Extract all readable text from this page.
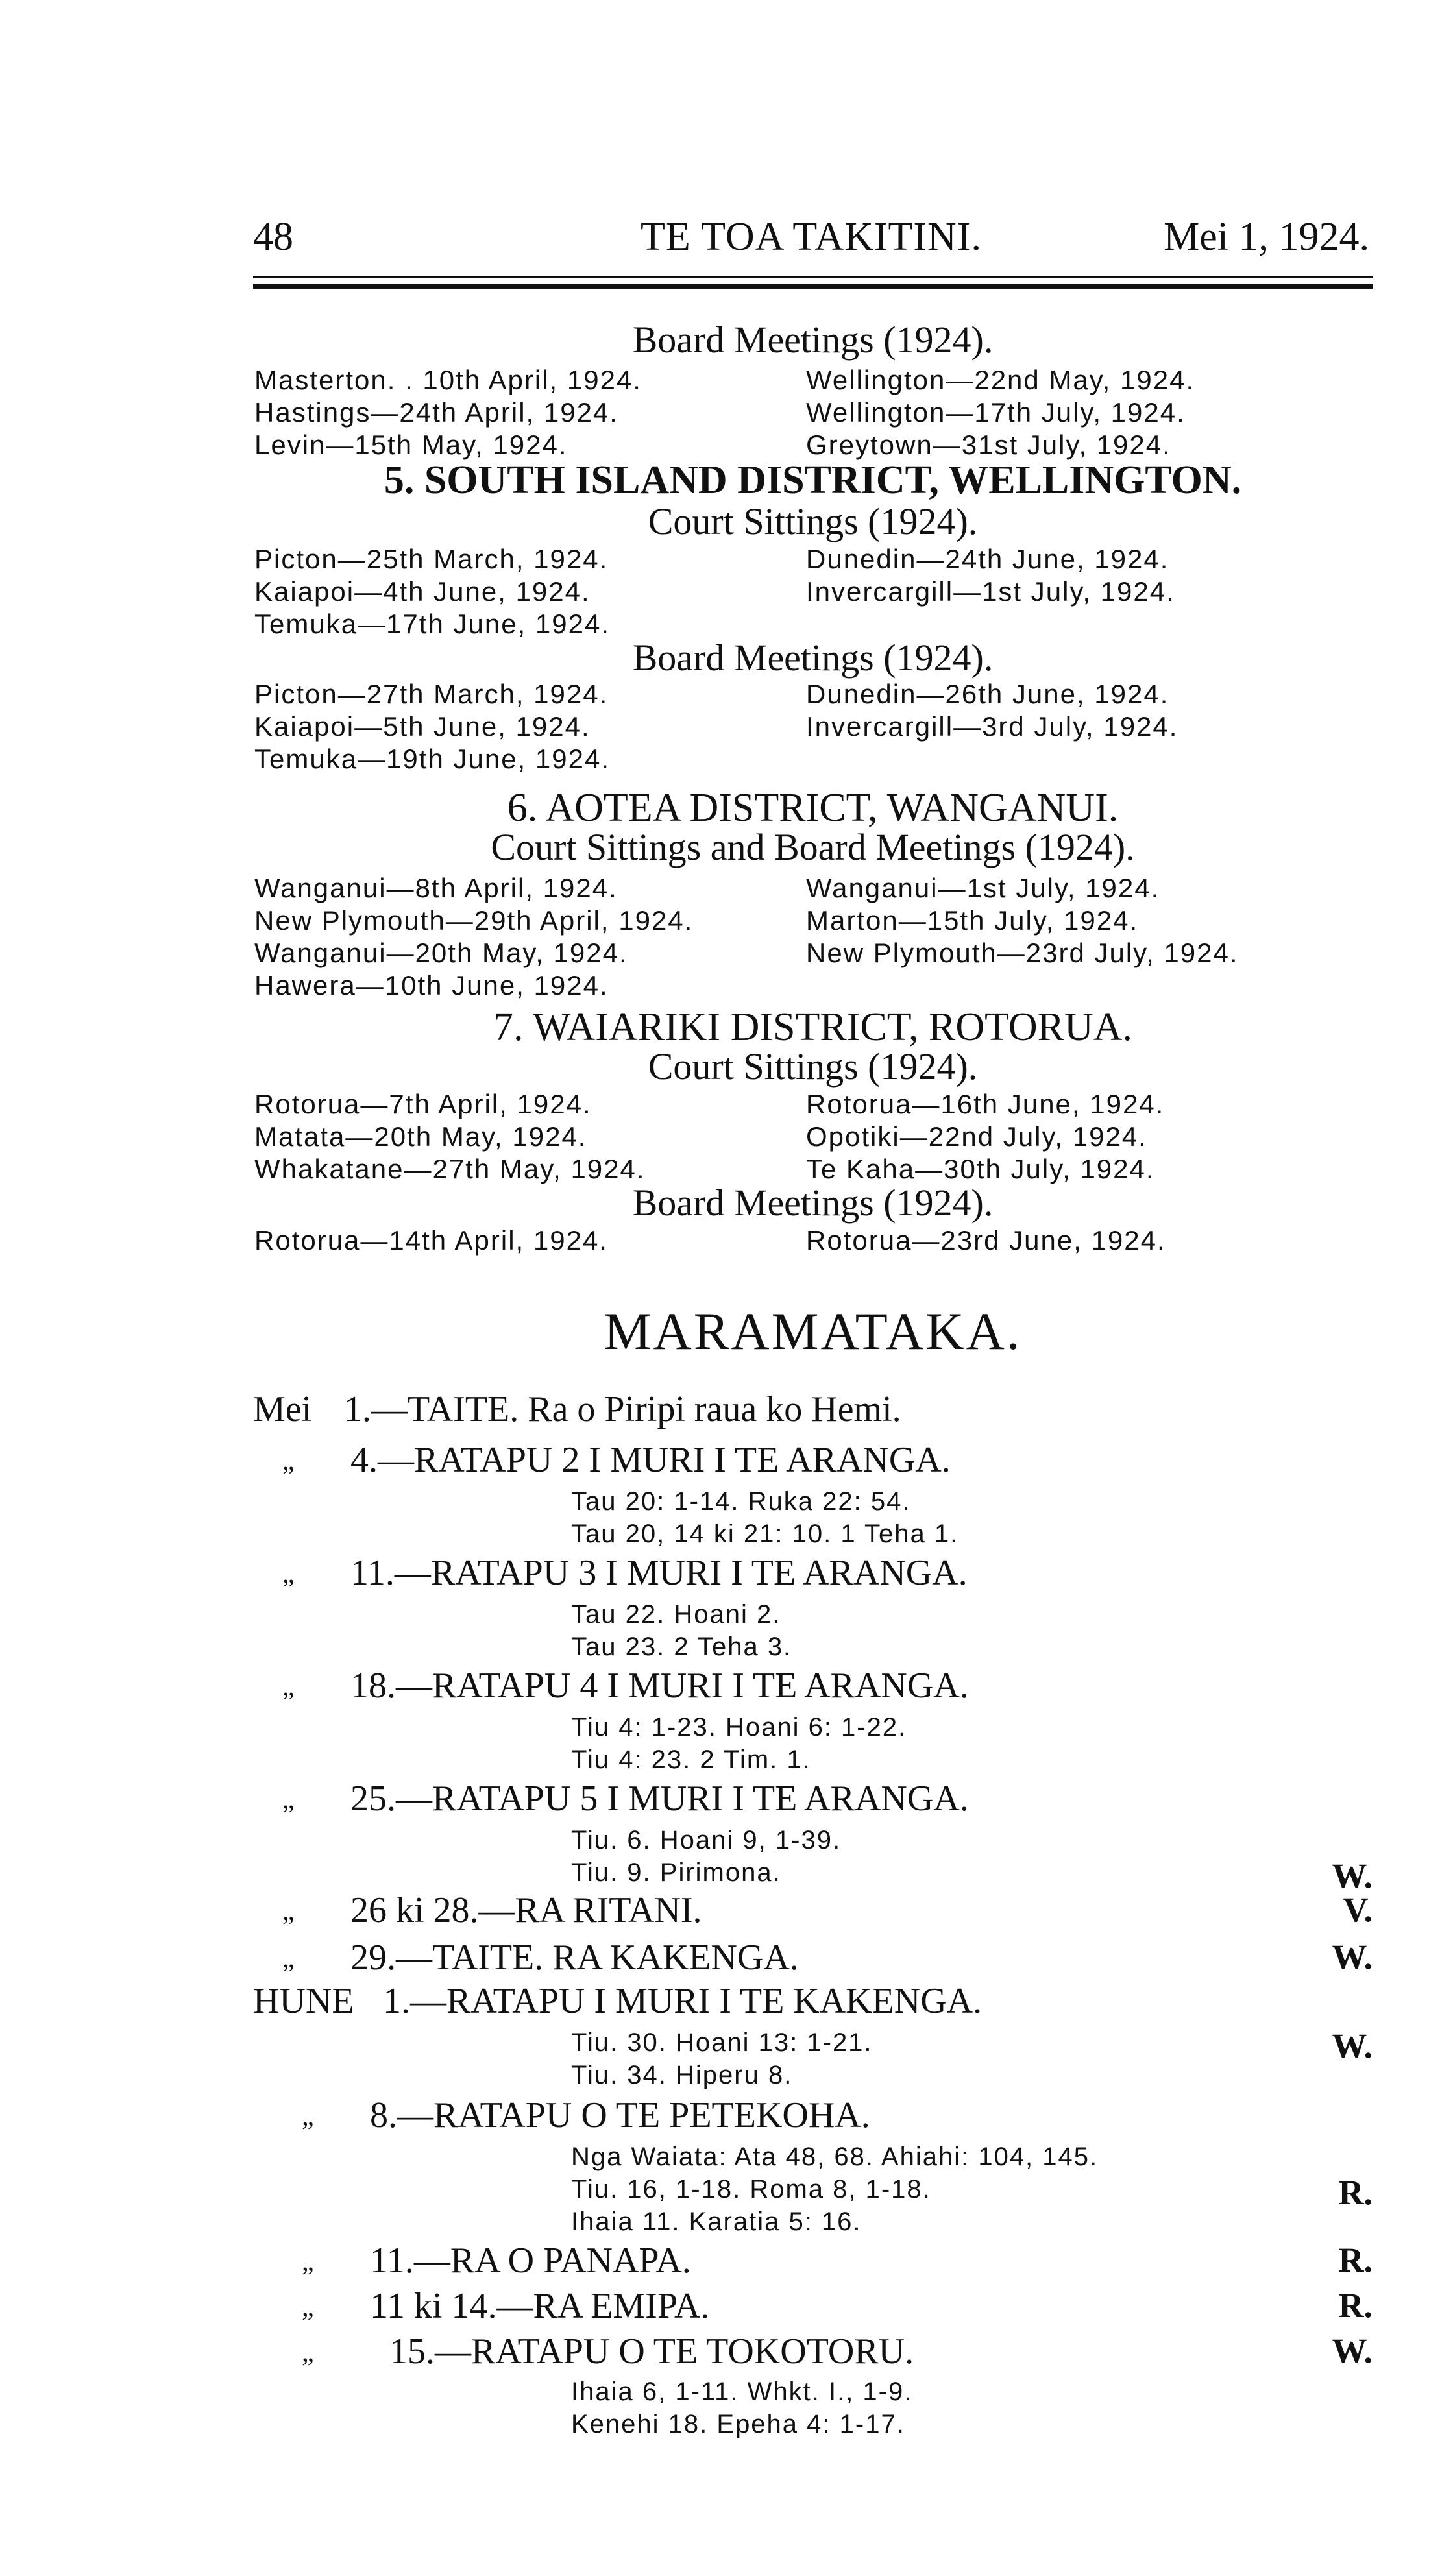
48	TE TOA TAKITINI.	Mei 1, 1924.
Board Meetings (1924).
Masterton. . 10th April, 1924.	Wellington—22nd May, 1924.
Hastings—24th April, 1924.	Wellington—17th July, 1924.
Levin—15th May, 1924.	Greytown—31st July, 1924.
5. SOUTH ISLAND DISTRICT, WELLINGTON.
Court Sittings (1924).
Picton—25th March, 1924.	Dunedin—24th June, 1924.
Kaiapoi—4th June, 1924.	Invercargill—1st July, 1924.
Temuka—17th June, 1924.
Board Meetings (1924).
Picton—27th March, 1924.	Dunedin—26th June, 1924.
Kaiapoi—5th June, 1924.	Invercargill—3rd July, 1924.
Temuka—19th June, 1924.
6. AOTEA DISTRICT, WANGANUI.
Court Sittings and Board Meetings (1924).
Wanganui—8th April, 1924.	Wanganui—1st July, 1924.
New Plymouth—29th April, 1924.	Marton—15th July, 1924.
Wanganui—20th May, 1924.	New Plymouth—23rd July, 1924.
Hawera—10th June, 1924.
7. WAIARIKI DISTRICT, ROTORUA.
Court Sittings (1924).
Rotorua—7th April, 1924.	Rotorua—16th June, 1924.
Matata—20th May, 1924.	Opotiki—22nd July, 1924.
Whakatane—27th May, 1924.	Te Kaha—30th July, 1924.
Board Meetings (1924).
Rotorua—14th April, 1924.	Rotorua—23rd June, 1924.
MARAMATAKA.
Mei 1.—TAITE. Ra o Piripi raua ko Hemi.
„ 4.—RATAPU 2 I MURI I TE ARANGA.
Tau 20: 1-14. Ruka 22: 54.
Tau 20, 14 ki 21: 10. 1 Teha 1.
„ 11.—RATAPU 3 I MURI I TE ARANGA.
Tau 22. Hoani 2.
Tau 23. 2 Teha 3.
„ 18.—RATAPU 4 I MURI I TE ARANGA.
Tiu 4: 1-23. Hoani 6: 1-22.
Tiu 4: 23. 2 Tim. 1.
„ 25.—RATAPU 5 I MURI I TE ARANGA.
Tiu. 6. Hoani 9, 1-39.
Tiu. 9. Pirimona.	W.
„ 26 ki 28.—RA RITANI.	V.
„ 29.—TAITE. RA KAKENGA.	W.
HUNE 1.—RATAPU I MURI I TE KAKENGA.
Tiu. 30. Hoani 13: 1-21.	W.
Tiu. 34. Hiperu 8.
„ 8.—RATAPU O TE PETEKOHA.
Nga Waiata: Ata 48, 68. Ahiahi: 104, 145.
Tiu. 16, 1-18. Roma 8, 1-18.	R.
Ihaia 11. Karatia 5: 16.
„ 11.—RA O PANAPA.	R.
„ 11 ki 14.—RA EMIPA.	R.
„ 15.—RATAPU O TE TOKOTORU.	W.
Ihaia 6, 1-11. Whkt. I., 1-9.
Kenehi 18. Epeha 4: 1-17.
